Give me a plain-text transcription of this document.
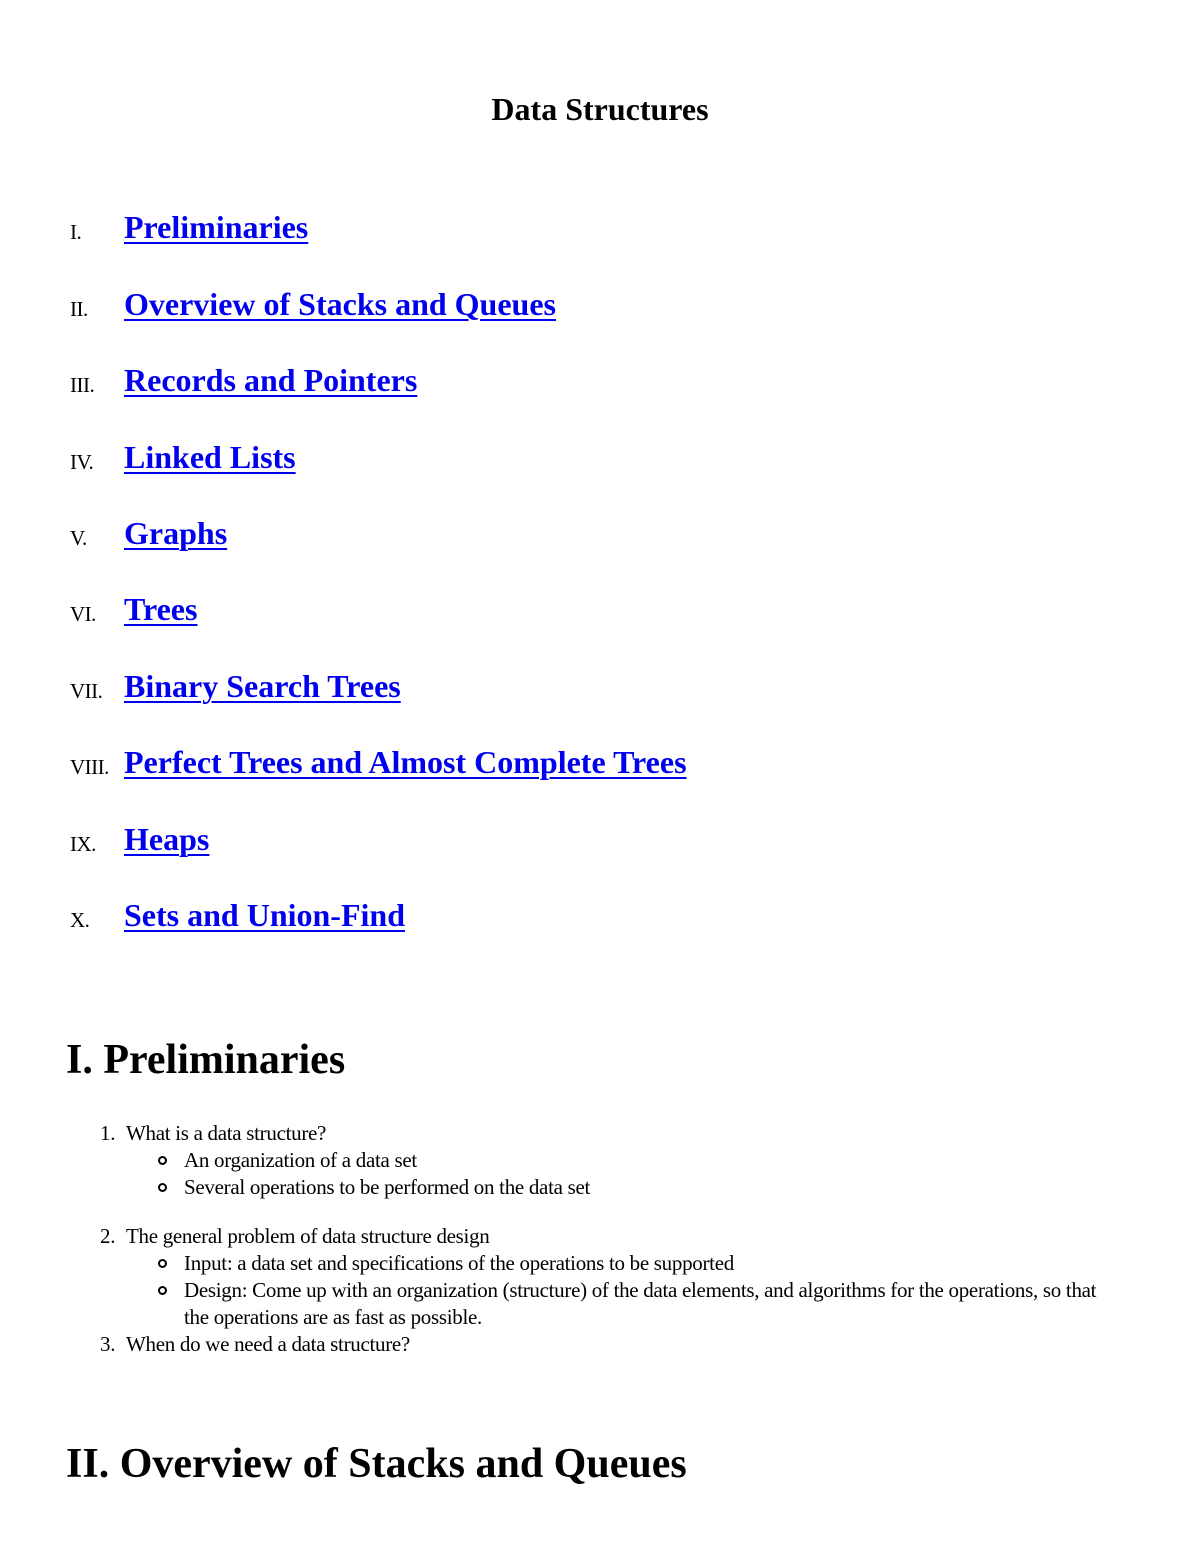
Data Structures
I. Preliminaries
II. Overview of Stacks and Queues
III. Records and Pointers
IV. Linked Lists
V. Graphs
VI. Trees
VII. Binary Search Trees
VIII. Perfect Trees and Almost Complete Trees
IX. Heaps
X. Sets and Union-Find
I. Preliminaries
1. What is a data structure?
An organization of a data set
Several operations to be performed on the data set
2. The general problem of data structure design
Input: a data set and specifications of the operations to be supported
Design: Come up with an organization (structure) of the data elements, and algorithms for the operations, so that the operations are as fast as possible.
3. When do we need a data structure?
II. Overview of Stacks and Queues
